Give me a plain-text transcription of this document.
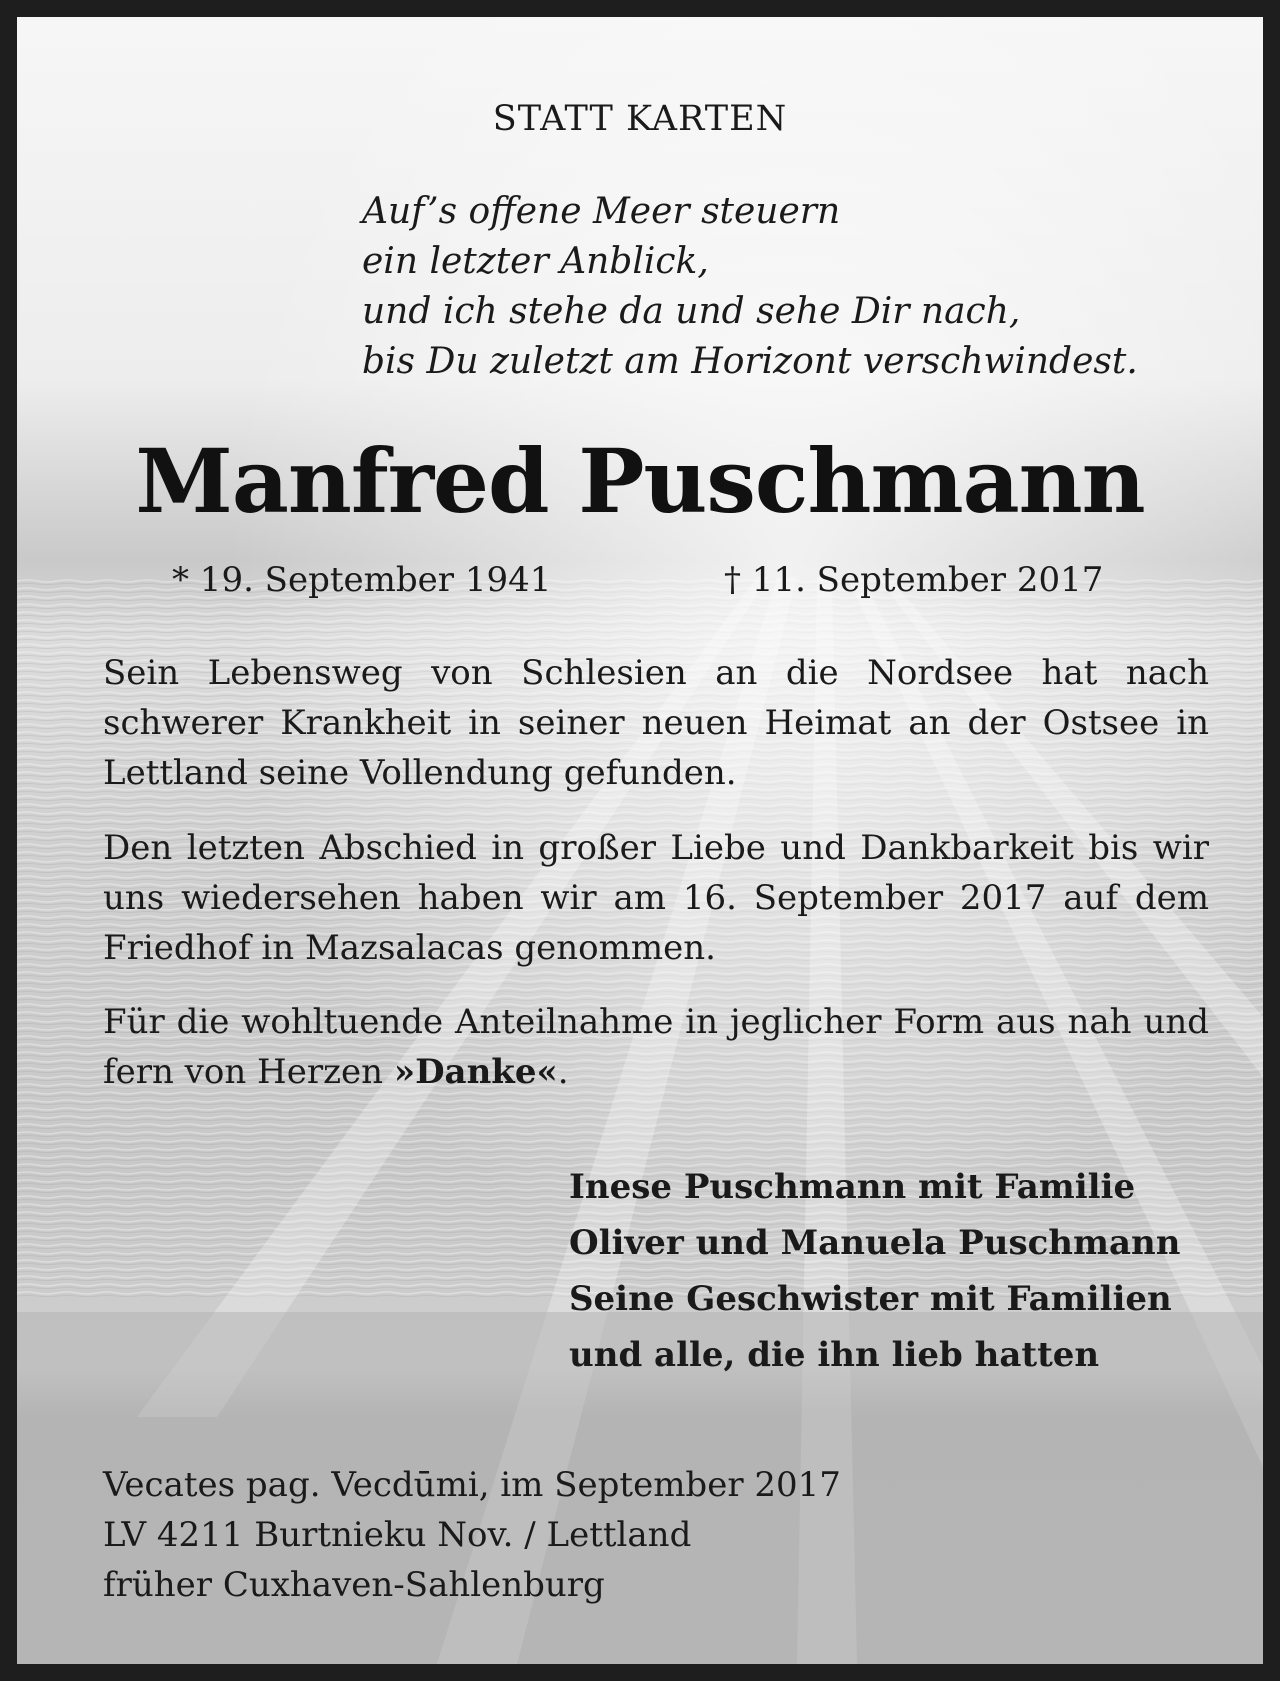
STATT KARTEN
Auf’s offene Meer steuern
ein letzter Anblick,
und ich stehe da und sehe Dir nach,
bis Du zuletzt am Horizont verschwindest.
Manfred Puschmann
* 19. September 1941	† 11. September 2017

Sein Lebensweg von Schlesien an die Nordsee hat nach schwerer Krankheit in seiner neuen Heimat an der Ostsee in Lettland seine Vollendung gefunden.

Den letzten Abschied in großer Liebe und Dankbarkeit bis wir uns wiedersehen haben wir am 16. September 2017 auf dem Friedhof in Mazsalacas genommen.

Für die wohltuende Anteilnahme in jeglicher Form aus nah und fern von Herzen »Danke«.

Inese Puschmann mit Familie
Oliver und Manuela Puschmann
Seine Geschwister mit Familien
und alle, die ihn lieb hatten
Vecates pag. Vecdūmi, im September 2017
LV 4211 Burtnieku Nov. / Lettland
früher Cuxhaven-Sahlenburg
